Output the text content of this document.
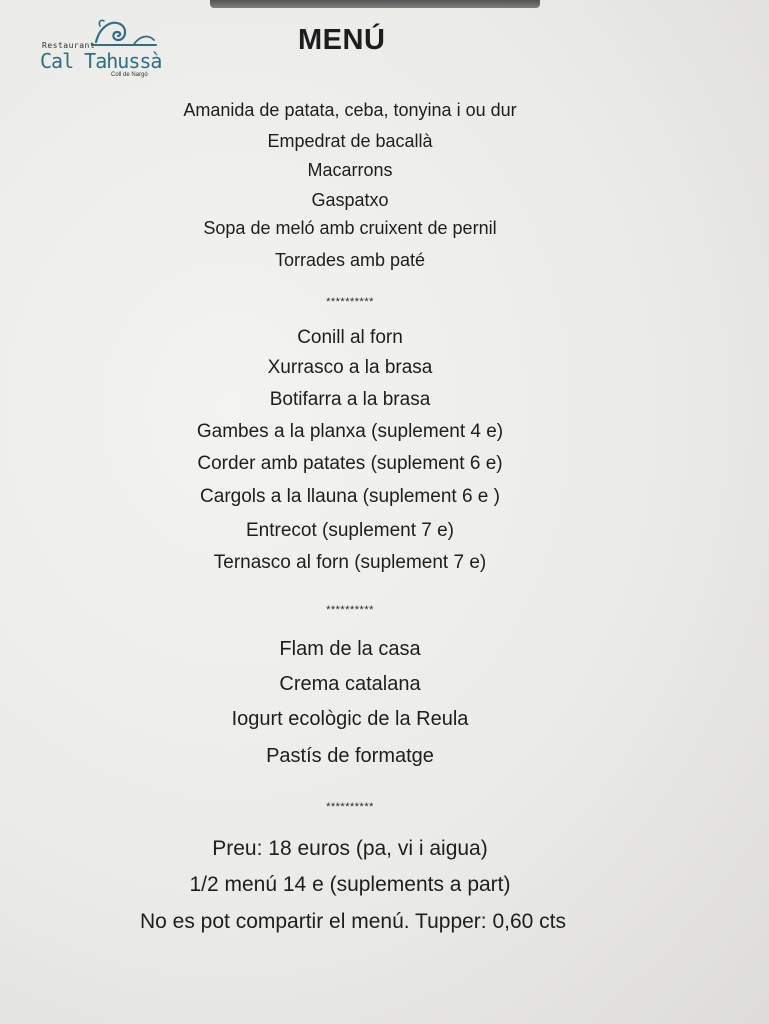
Restaurant
Cal Tahussà
Coll de Nargó
MENÚ
Amanida de patata, ceba, tonyina i ou dur
Empedrat de bacallà
Macarrons
Gaspatxo
Sopa de meló amb cruixent de pernil
Torrades amb paté
**********
Conill al forn
Xurrasco a la brasa
Botifarra a la brasa
Gambes a la planxa (suplement 4 e)
Corder amb patates (suplement 6 e)
Cargols a la llauna (suplement 6 e )
Entrecot (suplement 7 e)
Ternasco al forn (suplement 7 e)
**********
Flam de la casa
Crema catalana
Iogurt ecològic de la Reula
Pastís de formatge
**********
Preu: 18 euros (pa, vi i aigua)
1/2 menú 14 e (suplements a part)
No es pot compartir el menú. Tupper: 0,60 cts
